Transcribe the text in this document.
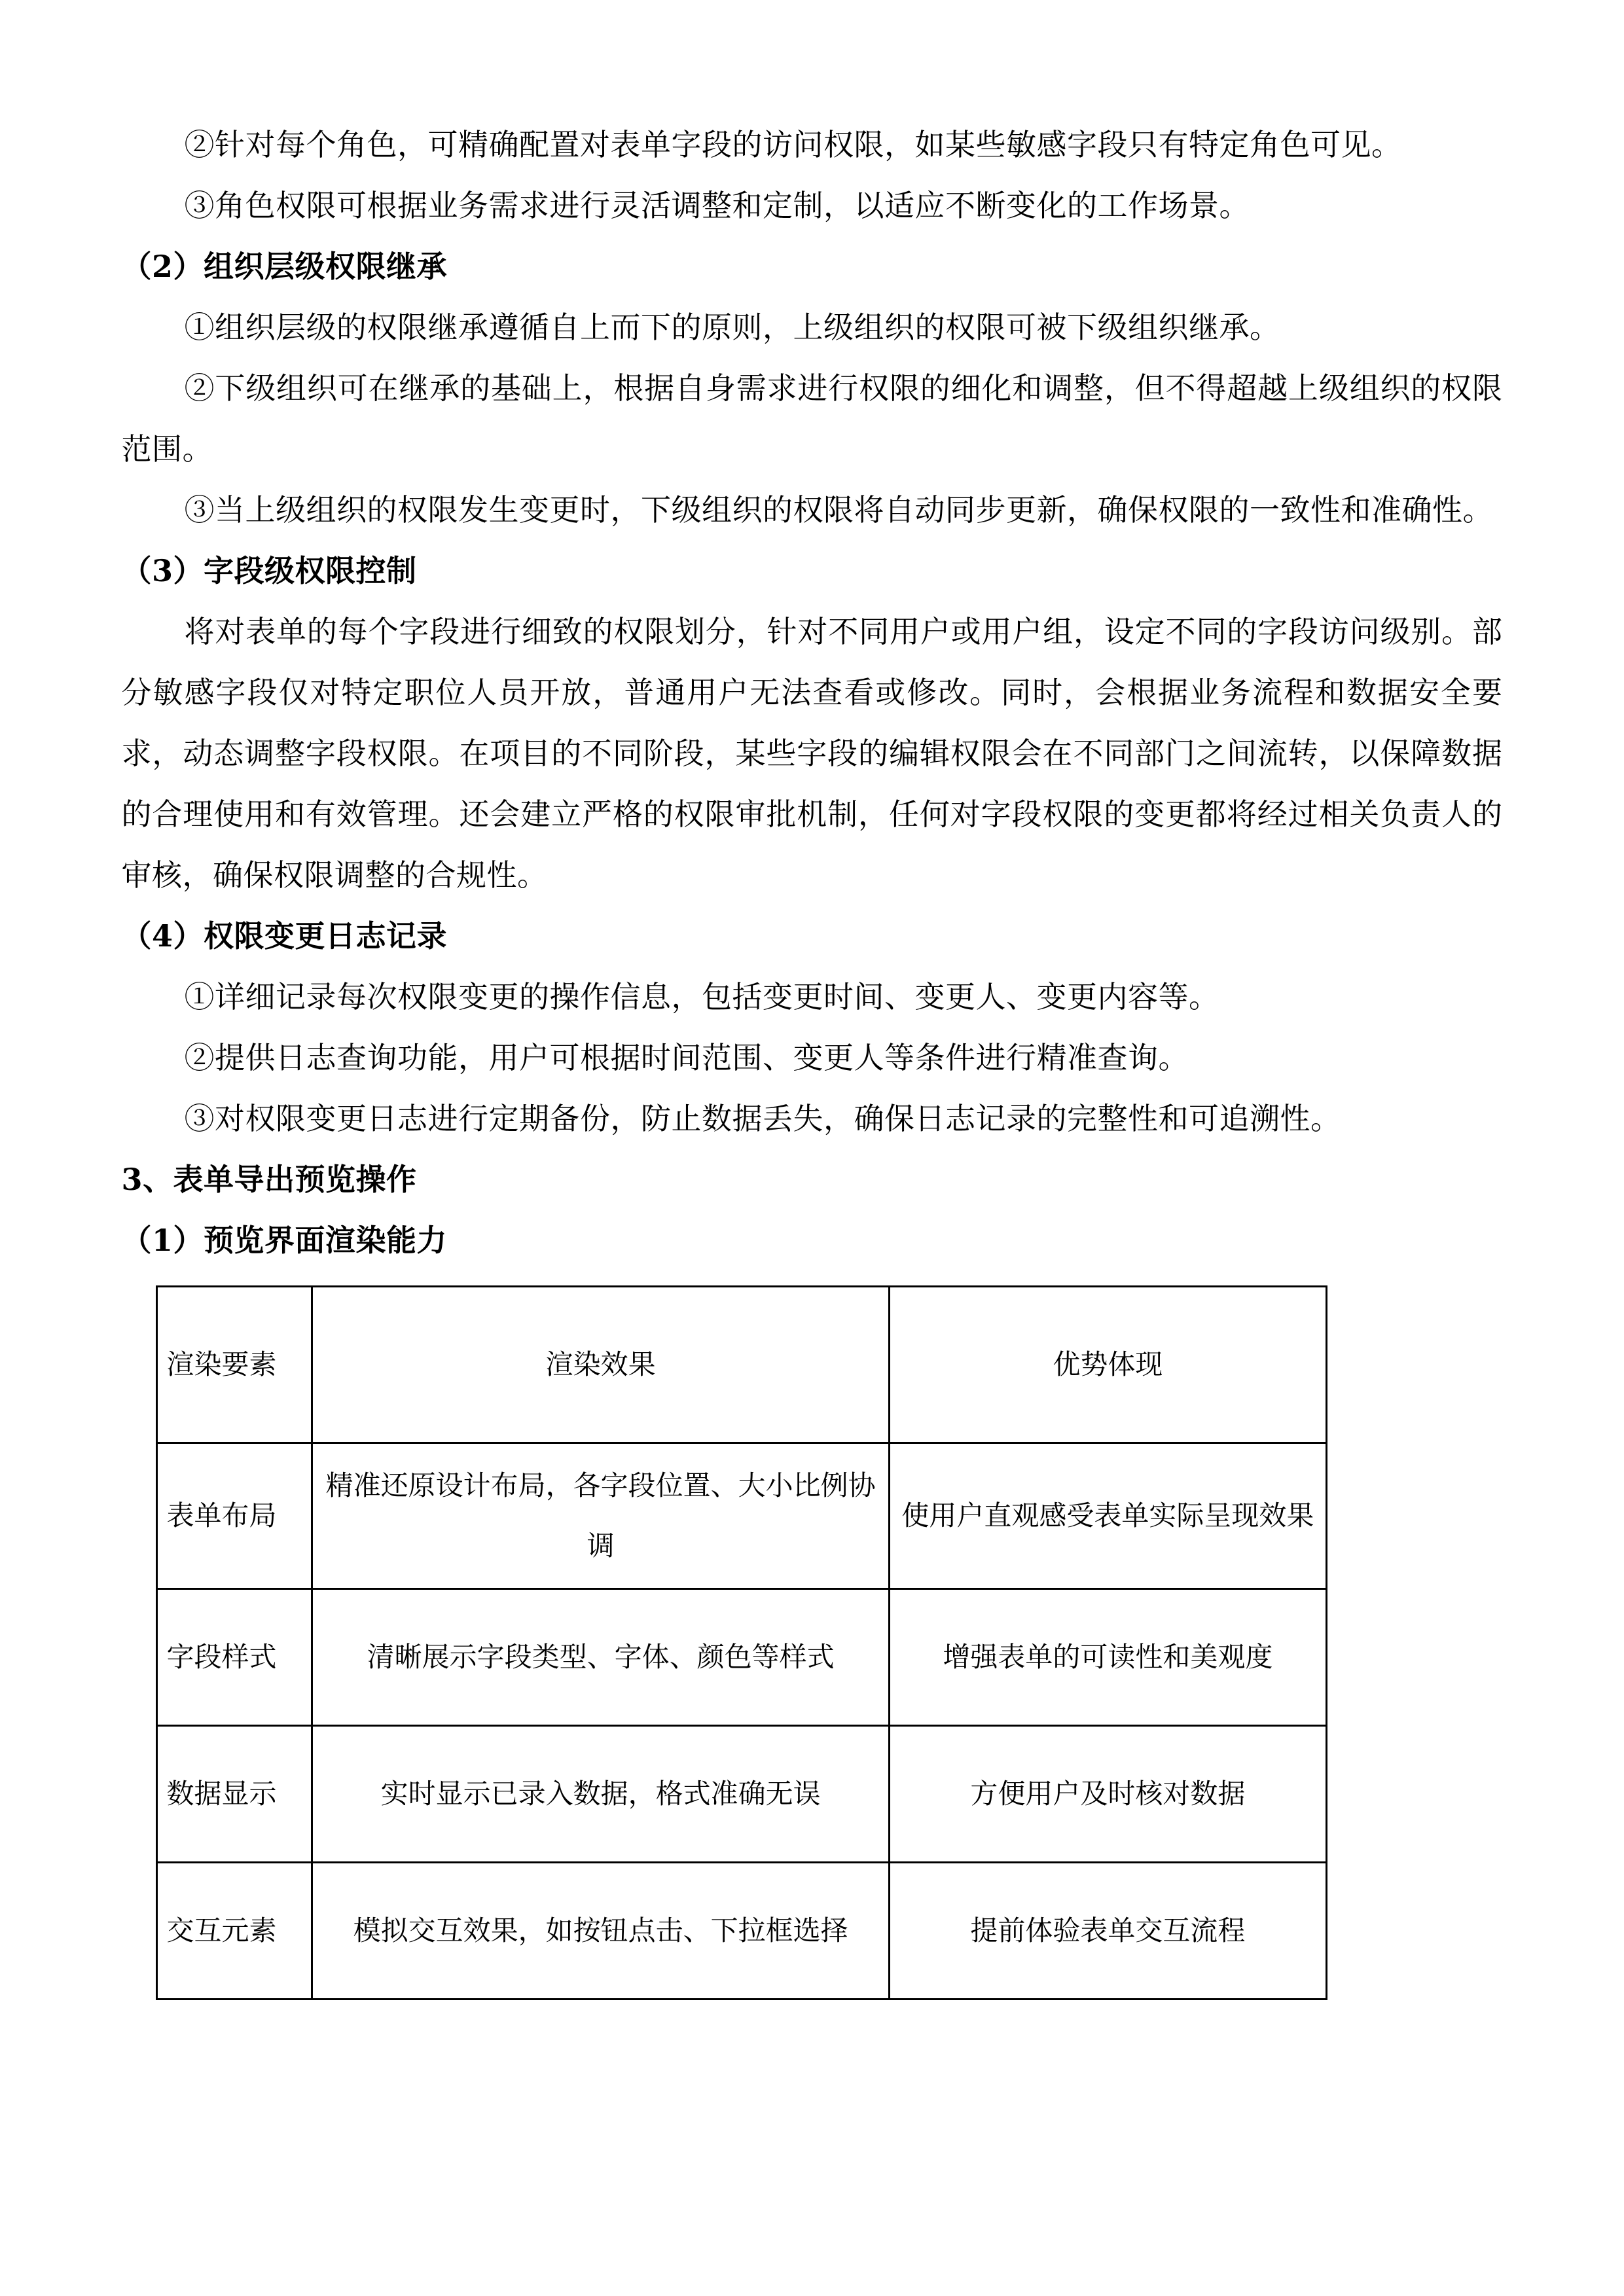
②针对每个角色，可精确配置对表单字段的访问权限，如某些敏感字段只有特定角色可见。

③角色权限可根据业务需求进行灵活调整和定制，以适应不断变化的工作场景。

（2）组织层级权限继承

①组织层级的权限继承遵循自上而下的原则，上级组织的权限可被下级组织继承。

②下级组织可在继承的基础上，根据自身需求进行权限的细化和调整，但不得超越上级组织的权限范围。

③当上级组织的权限发生变更时，下级组织的权限将自动同步更新，确保权限的一致性和准确性。

（3）字段级权限控制

将对表单的每个字段进行细致的权限划分，针对不同用户或用户组，设定不同的字段访问级别。部分敏感字段仅对特定职位人员开放，普通用户无法查看或修改。同时，会根据业务流程和数据安全要求，动态调整字段权限。在项目的不同阶段，某些字段的编辑权限会在不同部门之间流转，以保障数据的合理使用和有效管理。还会建立严格的权限审批机制，任何对字段权限的变更都将经过相关负责人的审核，确保权限调整的合规性。

（4）权限变更日志记录

①详细记录每次权限变更的操作信息，包括变更时间、变更人、变更内容等。

②提供日志查询功能，用户可根据时间范围、变更人等条件进行精准查询。

③对权限变更日志进行定期备份，防止数据丢失，确保日志记录的完整性和可追溯性。

3、表单导出预览操作

（1）预览界面渲染能力

渲染要素	渲染效果	优势体现
表单布局	精准还原设计布局，各字段位置、大小比例协调	使用户直观感受表单实际呈现效果
字段样式	清晰展示字段类型、字体、颜色等样式	增强表单的可读性和美观度
数据显示	实时显示已录入数据，格式准确无误	方便用户及时核对数据
交互元素	模拟交互效果，如按钮点击、下拉框选择	提前体验表单交互流程
